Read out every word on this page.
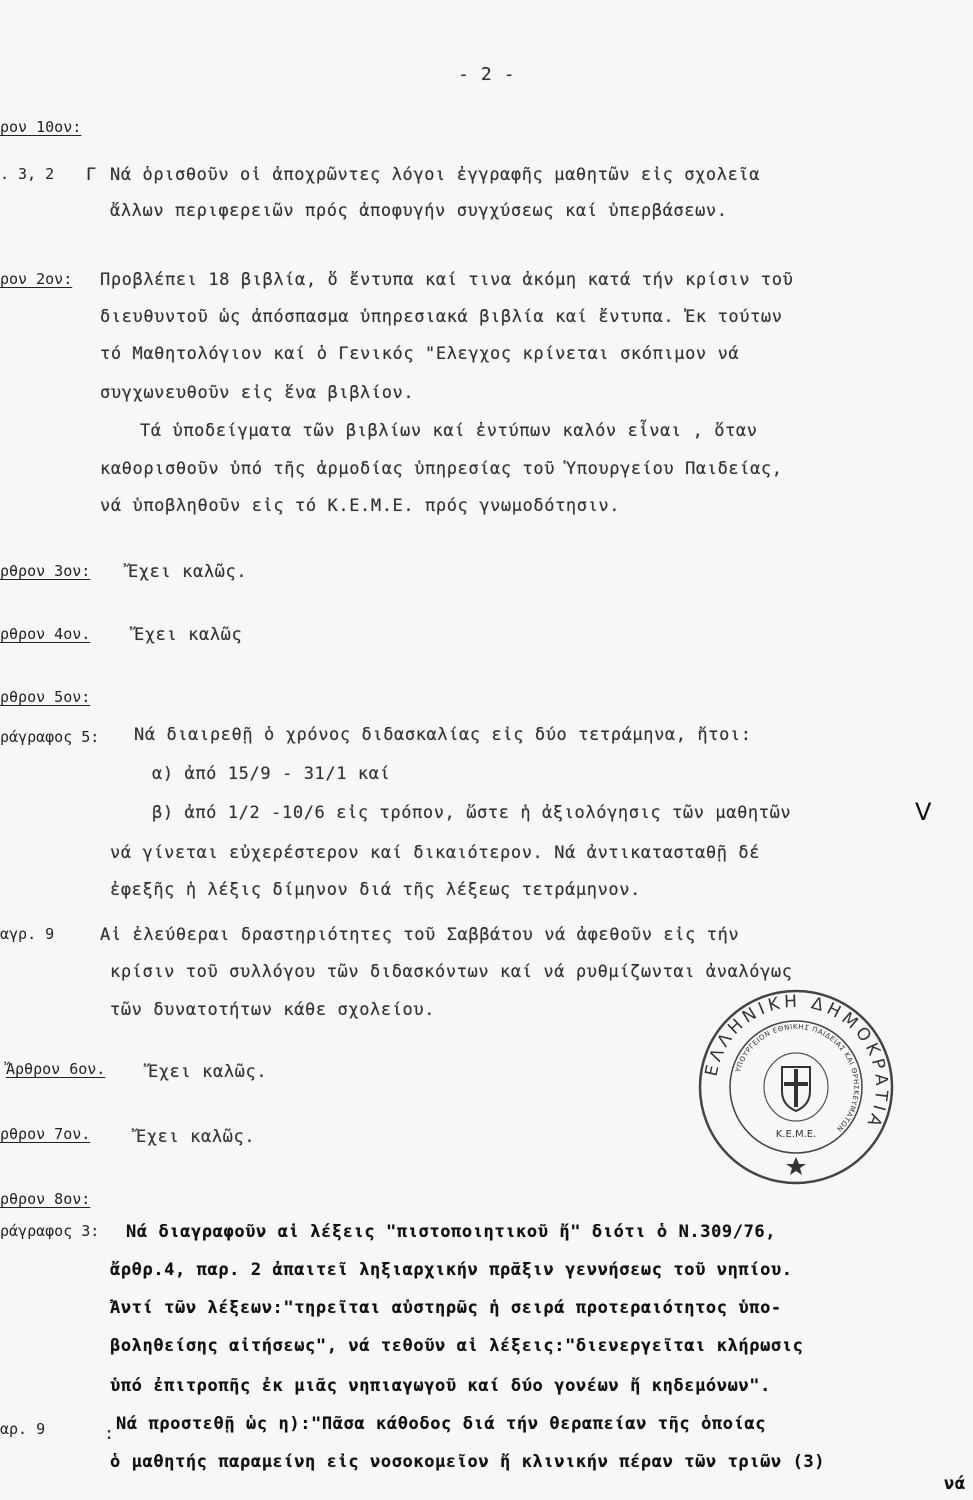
- 2 -
ρον 10ον:
. 3, 2 Γ
ρον 2ον:
ρθρον 3ον:
ρθρον 4ον.
ρθρον 5ον:
ράγραφος 5:
αγρ. 9
Ἄρθρον 6ον.
ρθρον 7ον.
ρθρον 8ον:
ράγραφος 3:
αρ. 9	:
Νά ὁρισθοῦν οἱ ἀποχρῶντες λόγοι ἐγγραφῆς μαθητῶν εἰς σχολεῖα
ἄλλων περιφερειῶν πρός ἀποφυγήν συγχύσεως καί ὑπερβάσεων.
Προβλέπει 18 βιβλία, ὅ ἔντυπα καί τινα ἀκόμη κατά τήν κρίσιν τοῦ
διευθυντοῦ ὡς ἀπόσπασμα ὑπηρεσιακά βιβλία καί ἔντυπα. Ἐκ τούτων
τό Μαθητολόγιον καί ὁ Γενικός "Ελεγχος κρίνεται σκόπιμον νά
συγχωνευθοῦν εἰς ἕνα βιβλίον.
Τά ὑποδείγματα τῶν βιβλίων καί ἐντύπων καλόν εἶναι , ὅταν
καθορισθοῦν ὑπό τῆς ἁρμοδίας ὑπηρεσίας τοῦ Ὑπουργείου Παιδείας,
νά ὑποβληθοῦν εἰς τό Κ.Ε.Μ.Ε. πρός γνωμοδότησιν.
Ἔχει καλῶς.
Ἔχει καλῶς
Νά διαιρεθῇ ὁ χρόνος διδασκαλίας εἰς δύο τετράμηνα, ἤτοι:
α) ἀπό 15/9 - 31/1 καί
β) ἀπό 1/2 -10/6 εἰς τρόπον, ὥστε ἡ ἀξιολόγησις τῶν μαθητῶν
νά γίνεται εὐχερέστερον καί δικαιότερον. Νά ἀντικατασταθῇ δέ
ἐφεξῆς ἡ λέξις δίμηνον διά τῆς λέξεως τετράμηνον.
Αἱ ἐλεύθεραι δραστηριότητες τοῦ Σαββάτου νά ἀφεθοῦν εἰς τήν
κρίσιν τοῦ συλλόγου τῶν διδασκόντων καί νά ρυθμίζωνται ἀναλόγως
τῶν δυνατοτήτων κάθε σχολείου.
Ἔχει καλῶς.
Ἔχει καλῶς.
Νά διαγραφοῦν αἱ λέξεις "πιστοποιητικοῦ ἤ" διότι ὁ Ν.309/76,
ἄρθρ.4, παρ. 2 ἀπαιτεῖ ληξιαρχικήν πρᾶξιν γεννήσεως τοῦ νηπίου.
Ἀντί τῶν λέξεων:"τηρεῖται αὐστηρῶς ἡ σειρά προτεραιότητος ὑπο-
βοληθείσης αἰτήσεως", νά τεθοῦν αἱ λέξεις:"διενεργεῖται κλήρωσις
ὑπό ἐπιτροπῆς ἐκ μιᾶς νηπιαγωγοῦ καί δύο γονέων ἤ κηδεμόνων".
Νά προστεθῇ ὡς η):"Πᾶσα κάθοδος διά τήν θεραπείαν τῆς ὁποίας
ὁ μαθητής παραμείνη εἰς νοσοκομεῖον ἤ κλινικήν πέραν τῶν τριῶν (3)
νά
V
ΕΛΛΗΝΙΚΗ ΔΗΜΟΚΡΑΤΙΑ
ΥΠΟΥΡΓΕΙΟΝ ΕΘΝΙΚΗΣ ΠΑΙΔΕΙΑΣ ΚΑΙ ΘΡΗΣΚΕΥΜΑΤΩΝ
Κ.Ε.Μ.Ε.
